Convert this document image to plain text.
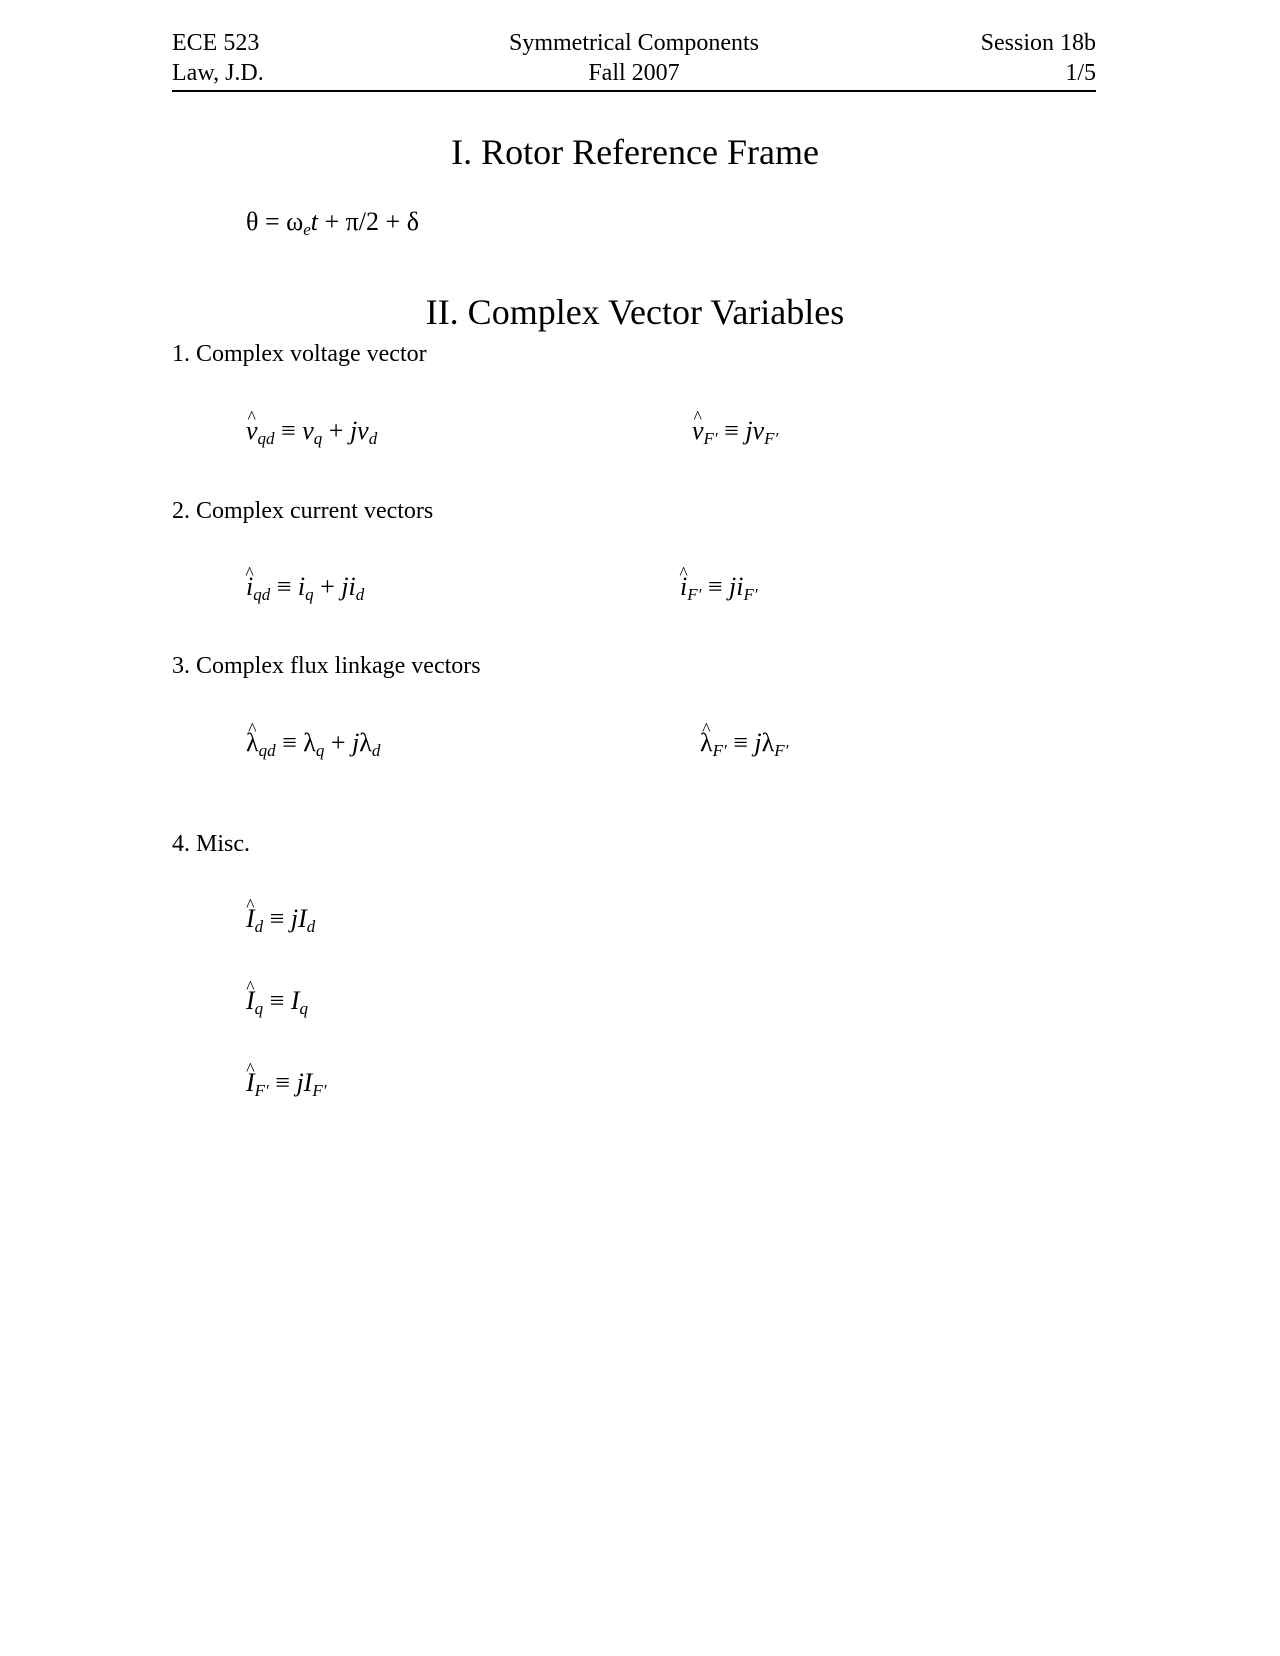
ECE 523
Law, J.D.
Symmetrical Components
Fall 2007
Session 18b
1/5
I. Rotor Reference Frame
$\theta = \omega_et + \pi/2 + \delta$
II. Complex Vector Variables
1. Complex voltage vector
^ $v_{qd} \equiv v_q + jv_d$	^ $v_{F'} \equiv jv_{F'}$
2. Complex current vectors
^ $i_{qd} \equiv i_q + ji_d$	^ $i_{F'} \equiv ji_{F'}$
3. Complex flux linkage vectors
^ $\lambda_{qd} \equiv \lambda_q + j\lambda_d$	^ $\lambda_{F'} \equiv j\lambda_{F'}$
4. Misc.
^ $I_d \equiv jI_d$
^ $I_q \equiv I_q$
^ $I_{F'} \equiv jI_{F'}$
